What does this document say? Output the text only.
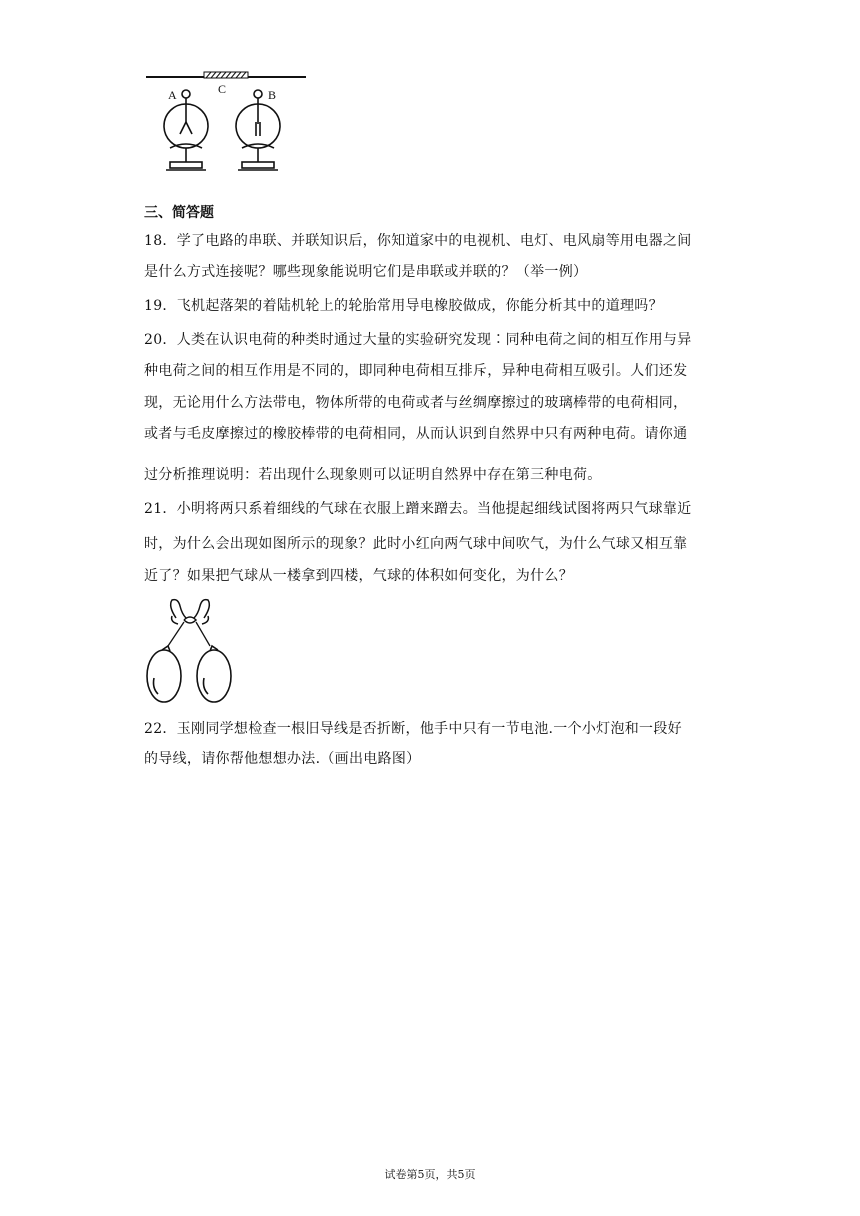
A	C	B
三、简答题
18．学了电路的串联、并联知识后，你知道家中的电视机、电灯、电风扇等用电器之间
是什么方式连接呢？哪些现象能说明它们是串联或并联的？（举一例）
19．飞机起落架的着陆机轮上的轮胎常用导电橡胶做成，你能分析其中的道理吗？
20．人类在认识电荷的种类时通过大量的实验研究发现∶同种电荷之间的相互作用与异
种电荷之间的相互作用是不同的，即同种电荷相互排斥，异种电荷相互吸引。人们还发
现，无论用什么方法带电，物体所带的电荷或者与丝绸摩擦过的玻璃棒带的电荷相同，
或者与毛皮摩擦过的橡胶棒带的电荷相同，从而认识到自然界中只有两种电荷。请你通
过分析推理说明：若出现什么现象则可以证明自然界中存在第三种电荷。
21．小明将两只系着细线的气球在衣服上蹭来蹭去。当他提起细线试图将两只气球靠近
时，为什么会出现如图所示的现象？此时小红向两气球中间吹气，为什么气球又相互靠
近了？如果把气球从一楼拿到四楼，气球的体积如何变化，为什么？
22．玉刚同学想检查一根旧导线是否折断，他手中只有一节电池.一个小灯泡和一段好
的导线，请你帮他想想办法.（画出电路图）
试卷第5页，共5页
